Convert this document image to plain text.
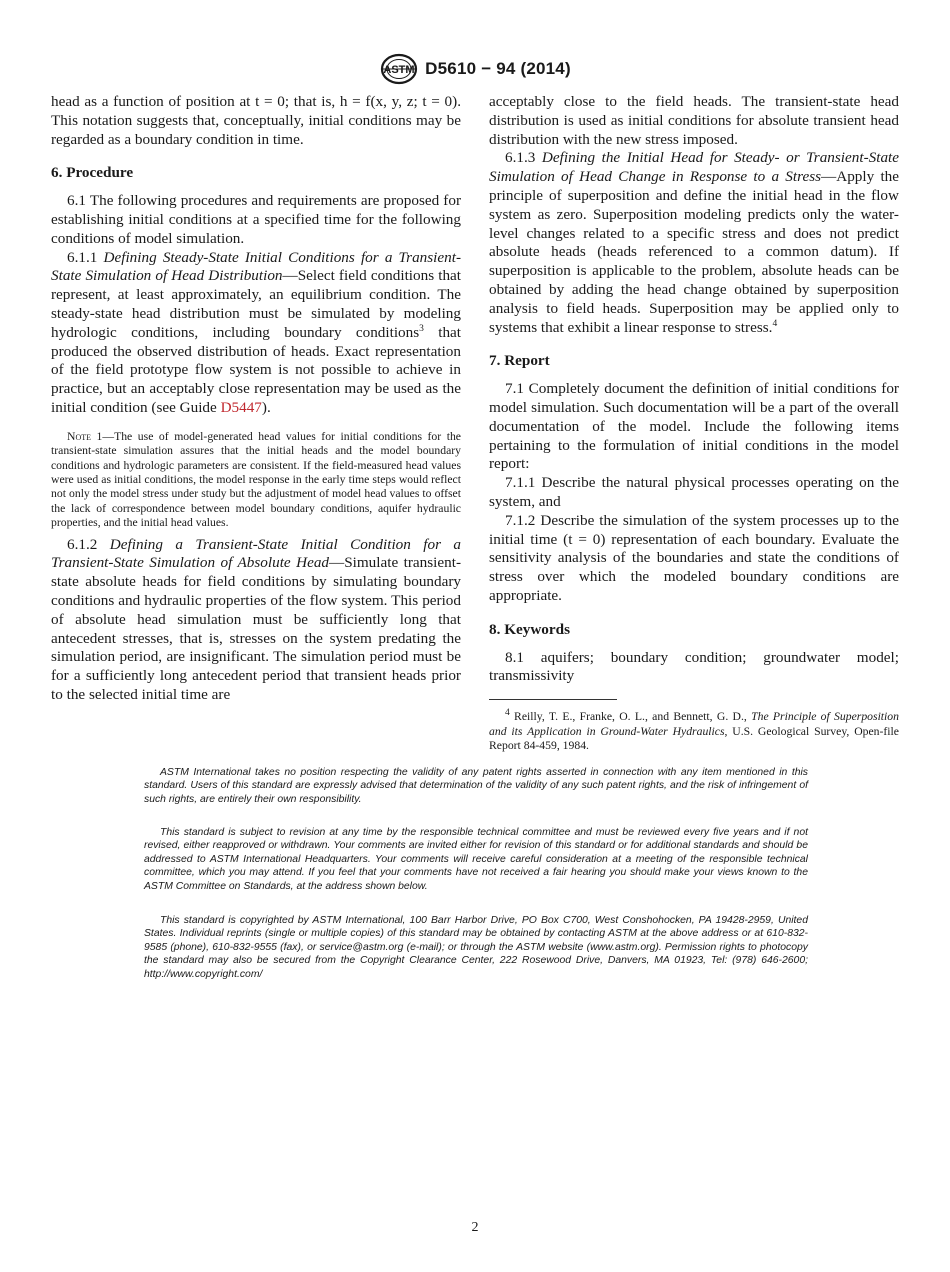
ASTM D5610 − 94 (2014)

head as a function of position at t = 0; that is, h = f(x, y, z; t = 0). This notation suggests that, conceptually, initial conditions may be regarded as a boundary condition in time.

6. Procedure

6.1 The following procedures and requirements are proposed for establishing initial conditions at a specified time for the following conditions of model simulation.

6.1.1 Defining Steady-State Initial Conditions for a Transient-State Simulation of Head Distribution—Select field conditions that represent, at least approximately, an equilibrium condition. The steady-state head distribution must be simulated by modeling hydrologic conditions, including boundary conditions$^3$ that produced the observed distribution of heads. Exact representation of the field prototype flow system is not possible to achieve in practice, but an acceptably close representation may be used as the initial condition (see Guide D5447).

Note 1—The use of model-generated head values for initial conditions for the transient-state simulation assures that the initial heads and the model boundary conditions and hydrologic parameters are consistent. If the field-measured head values were used as initial conditions, the model response in the early time steps would reflect not only the model stress under study but the adjustment of model head values to offset the lack of correspondence between model boundary conditions, aquifer hydraulic properties, and the initial head values.

6.1.2 Defining a Transient-State Initial Condition for a Transient-State Simulation of Absolute Head—Simulate transient-state absolute heads for field conditions by simulating boundary conditions and hydraulic properties of the flow system. This period of absolute head simulation must be sufficiently long that antecedent stresses, that is, stresses on the system predating the simulation period, are insignificant. The simulation period must be for a sufficiently long antecedent period that transient heads prior to the selected initial time are

acceptably close to the field heads. The transient-state head distribution is used as initial conditions for absolute transient head distribution with the new stress imposed.

6.1.3 Defining the Initial Head for Steady- or Transient-State Simulation of Head Change in Response to a Stress—Apply the principle of superposition and define the initial head in the flow system as zero. Superposition modeling predicts only the water-level changes related to a specific stress and does not predict absolute heads (heads referenced to a common datum). If superposition is applicable to the problem, absolute heads can be obtained by adding the head change obtained by superposition analysis to field heads. Superposition may be applied only to systems that exhibit a linear response to stress.$^4$

7. Report

7.1 Completely document the definition of initial conditions for model simulation. Such documentation will be a part of the overall documentation of the model. Include the following items pertaining to the formulation of initial conditions in the model report:

7.1.1 Describe the natural physical processes operating on the system, and

7.1.2 Describe the simulation of the system processes up to the initial time (t = 0) representation of each boundary. Evaluate the sensitivity analysis of the boundaries and state the conditions of stress over which the modeled boundary conditions are appropriate.

8. Keywords

8.1 aquifers; boundary condition; groundwater model; transmissivity

$^4$ Reilly, T. E., Franke, O. L., and Bennett, G. D., The Principle of Superposition and its Application in Ground-Water Hydraulics, U.S. Geological Survey, Open-file Report 84-459, 1984.

ASTM International takes no position respecting the validity of any patent rights asserted in connection with any item mentioned in this standard. Users of this standard are expressly advised that determination of the validity of any such patent rights, and the risk of infringement of such rights, are entirely their own responsibility.

This standard is subject to revision at any time by the responsible technical committee and must be reviewed every five years and if not revised, either reapproved or withdrawn. Your comments are invited either for revision of this standard or for additional standards and should be addressed to ASTM International Headquarters. Your comments will receive careful consideration at a meeting of the responsible technical committee, which you may attend. If you feel that your comments have not received a fair hearing you should make your views known to the ASTM Committee on Standards, at the address shown below.

This standard is copyrighted by ASTM International, 100 Barr Harbor Drive, PO Box C700, West Conshohocken, PA 19428-2959, United States. Individual reprints (single or multiple copies) of this standard may be obtained by contacting ASTM at the above address or at 610-832-9585 (phone), 610-832-9555 (fax), or service@astm.org (e-mail); or through the ASTM website (www.astm.org). Permission rights to photocopy the standard may also be secured from the Copyright Clearance Center, 222 Rosewood Drive, Danvers, MA 01923, Tel: (978) 646-2600; http://www.copyright.com/

2
